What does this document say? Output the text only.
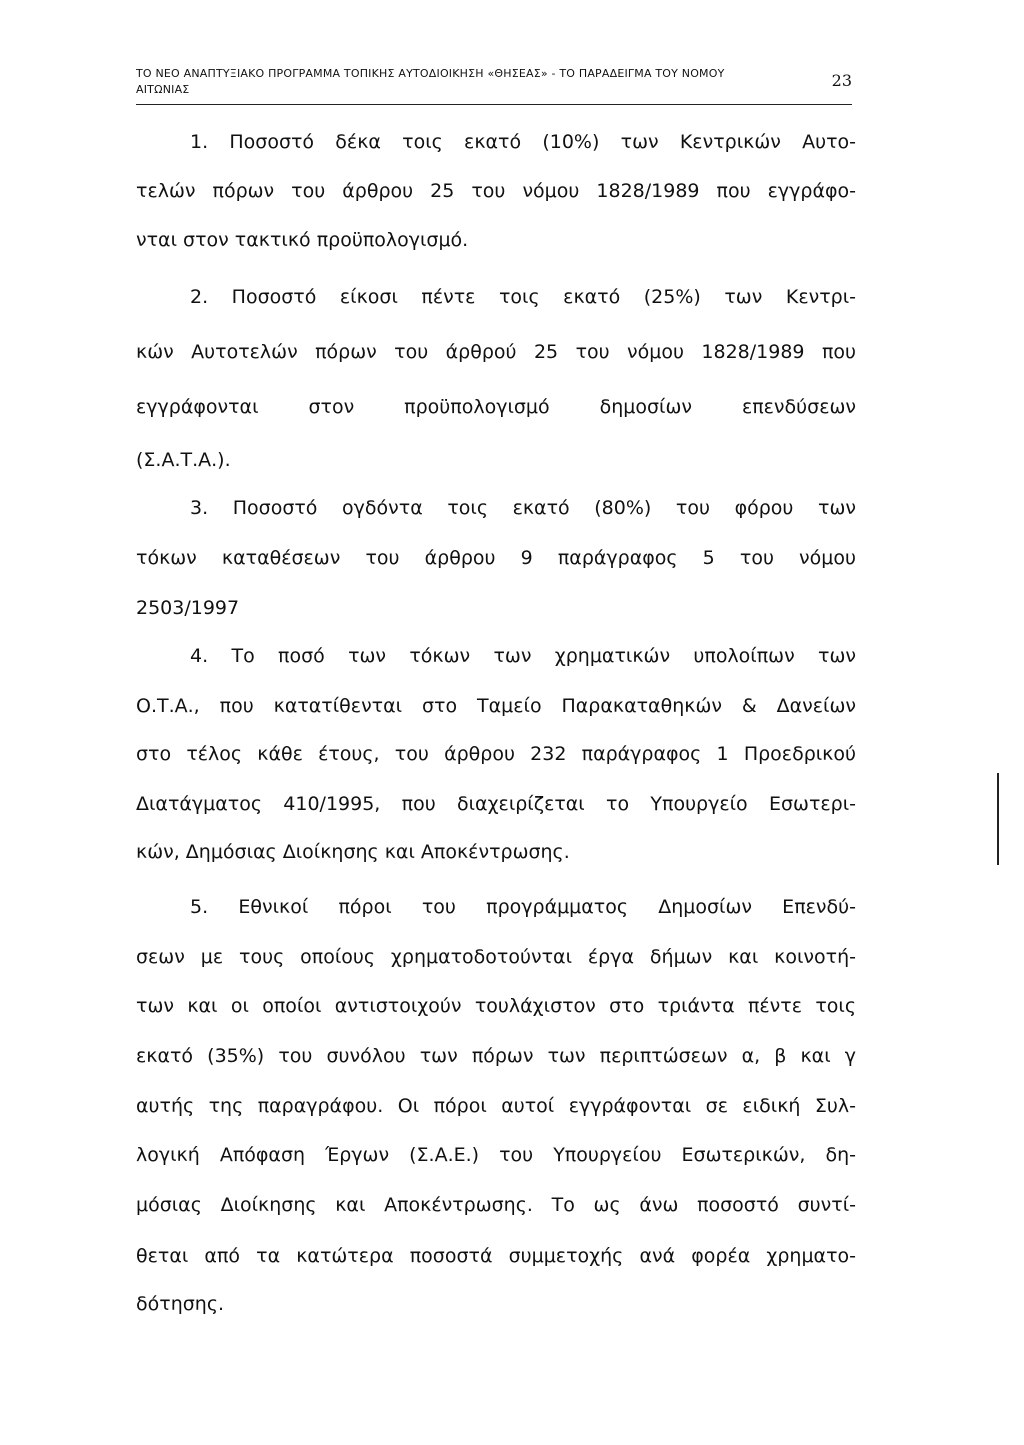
ΤΟ ΝΕΟ ΑΝΑΠΤΥΞΙΑΚΟ ΠΡΟΓΡΑΜΜΑ ΤΟΠΙΚΗΣ ΑΥΤΟΔΙΟΙΚΗΣΗ «ΘΗΣΕΑΣ» - ΤΟ ΠΑΡΑΔΕΙΓΜΑ ΤΟΥ ΝΟΜΟΥ
ΑΙΤΩΝΙΑΣ	23
1. Ποσοστό δέκα τοις εκατό (10%) των Κεντρικών Αυτο-
τελών πόρων του άρθρου 25 του νόμου 1828/1989 που εγγράφο-
νται στον τακτικό προϋπολογισμό.
2. Ποσοστό είκοσι πέντε τοις εκατό (25%) των Κεντρι-
κών Αυτοτελών πόρων του άρθρού 25 του νόμου 1828/1989 που
εγγράφονται στον προϋπολογισμό δημοσίων επενδύσεων
(Σ.Α.Τ.Α.).
3. Ποσοστό ογδόντα τοις εκατό (80%) του φόρου των
τόκων καταθέσεων του άρθρου 9 παράγραφος 5 του νόμου
2503/1997
4. Το ποσό των τόκων των χρηματικών υπολοίπων των
Ο.Τ.Α., που κατατίθενται στο Ταμείο Παρακαταθηκών & Δανείων
στο τέλος κάθε έτους, του άρθρου 232 παράγραφος 1 Προεδρικού
Διατάγματος 410/1995, που διαχειρίζεται το Υπουργείο Εσωτερι-
κών, Δημόσιας Διοίκησης και Αποκέντρωσης.
5. Εθνικοί πόροι του προγράμματος Δημοσίων Επενδύ-
σεων με τους οποίους χρηματοδοτούνται έργα δήμων και κοινοτή-
των και οι οποίοι αντιστοιχούν τουλάχιστον στο τριάντα πέντε τοις
εκατό (35%) του συνόλου των πόρων των περιπτώσεων α, β και γ
αυτής της παραγράφου. Οι πόροι αυτοί εγγράφονται σε ειδική Συλ-
λογική Απόφαση Έργων (Σ.Α.Ε.) του Υπουργείου Εσωτερικών, δη-
μόσιας Διοίκησης και Αποκέντρωσης. Το ως άνω ποσοστό συντί-
θεται από τα κατώτερα ποσοστά συμμετοχής ανά φορέα χρηματο-
δότησης.
